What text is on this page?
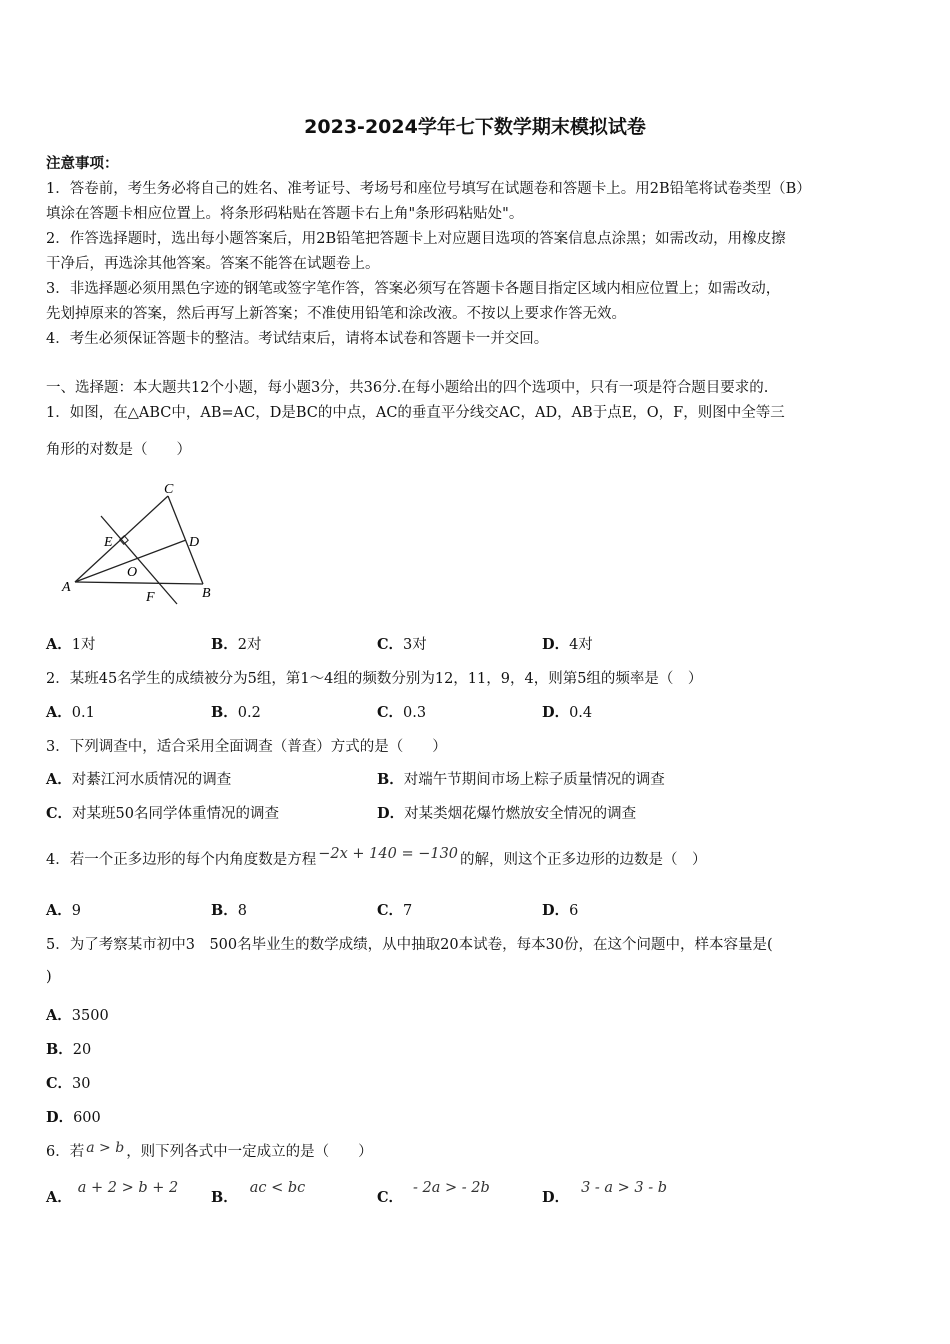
2023-2024学年七下数学期末模拟试卷
注意事项：
1．答卷前，考生务必将自己的姓名、准考证号、考场号和座位号填写在试题卷和答题卡上。用2B铅笔将试卷类型（B）
填涂在答题卡相应位置上。将条形码粘贴在答题卡右上角"条形码粘贴处"。
2．作答选择题时，选出每小题答案后，用2B铅笔把答题卡上对应题目选项的答案信息点涂黑；如需改动，用橡皮擦
干净后，再选涂其他答案。答案不能答在试题卷上。
3．非选择题必须用黑色字迹的钢笔或签字笔作答，答案必须写在答题卡各题目指定区域内相应位置上；如需改动，
先划掉原来的答案，然后再写上新答案；不准使用铅笔和涂改液。不按以上要求作答无效。
4．考生必须保证答题卡的整洁。考试结束后，请将本试卷和答题卡一并交回。
一、选择题：本大题共12个小题，每小题3分，共36分.在每小题给出的四个选项中，只有一项是符合题目要求的.
1．如图，在△ABC中，AB=AC，D是BC的中点，AC的垂直平分线交AC，AD，AB于点E，O，F，则图中全等三
角形的对数是（　　）
C
E	D
O
A
F	B
A．1对	B．2对	C．3对	D．4对
2．某班45名学生的成绩被分为5组，第1～4组的频数分别为12，11，9，4，则第5组的频率是（　）
A．0.1	B．0.2	C．0.3	D．0.4
3．下列调查中，适合采用全面调查（普查）方式的是（　　）
A．对綦江河水质情况的调查	B．对端午节期间市场上粽子质量情况的调查
C．对某班50名同学体重情况的调查	D．对某类烟花爆竹燃放安全情况的调查
4．若一个正多边形的每个内角度数是方程 −2x + 140 = −130 的解，则这个正多边形的边数是（　）
A．9	B．8	C．7	D．6
5．为了考察某市初中3　500名毕业生的数学成绩，从中抽取20本试卷，每本30份，在这个问题中，样本容量是(
)
A．3500
B．20
C．30
D．600
6．若 a > b ，则下列各式中一定成立的是（　　）
A．a + 2 > b + 2
B．ac < bc
C．- 2a > - 2b
D．3 - a > 3 - b
